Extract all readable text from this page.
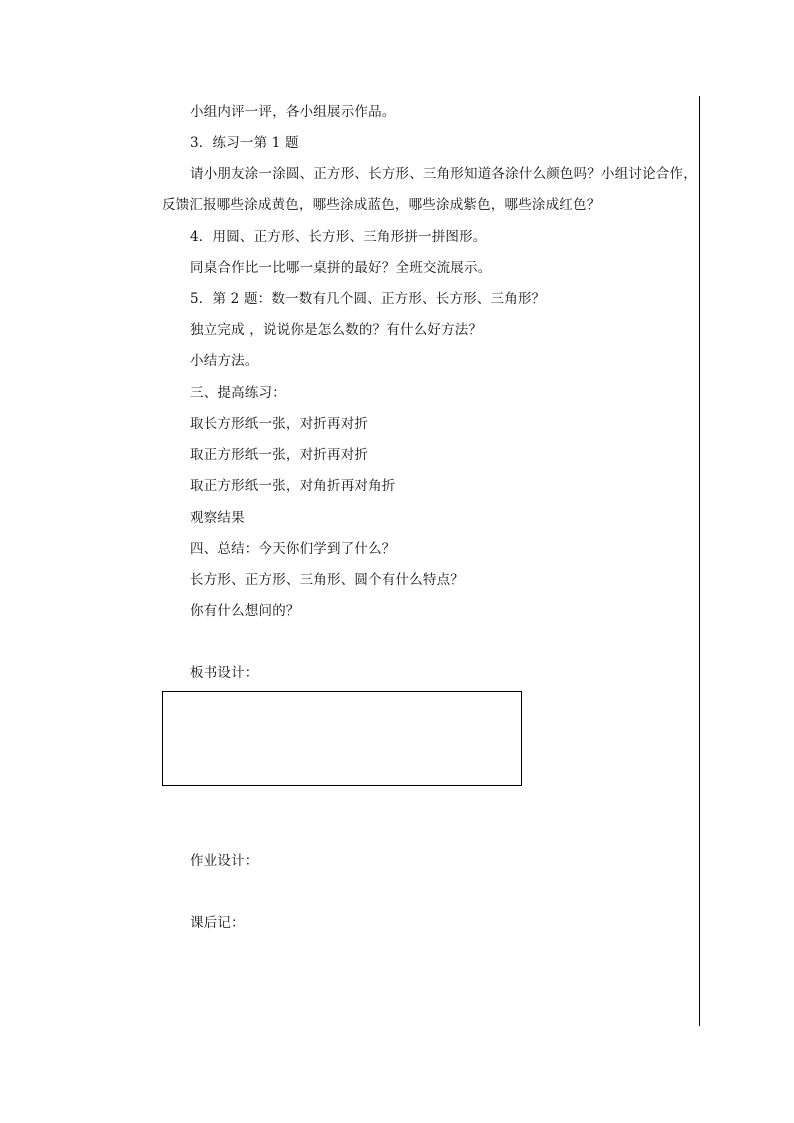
小组内评一评，各小组展示作品。
3．练习一第 1 题
请小朋友涂一涂圆、正方形、长方形、三角形知道各涂什么颜色吗？小组讨论合作，
反馈汇报哪些涂成黄色，哪些涂成蓝色，哪些涂成紫色，哪些涂成红色？
4．用圆、正方形、长方形、三角形拼一拼图形。
同桌合作比一比哪一桌拼的最好？全班交流展示。
5．第 2 题：数一数有几个圆、正方形、长方形、三角形？
独立完成 ，说说你是怎么数的？有什么好方法？
小结方法。
三、提高练习：
取长方形纸一张，对折再对折
取正方形纸一张，对折再对折
取正方形纸一张，对角折再对角折
观察结果
四、总结：今天你们学到了什么？
长方形、正方形、三角形、圆个有什么特点？
你有什么想问的？
板书设计：
作业设计：
课后记：
